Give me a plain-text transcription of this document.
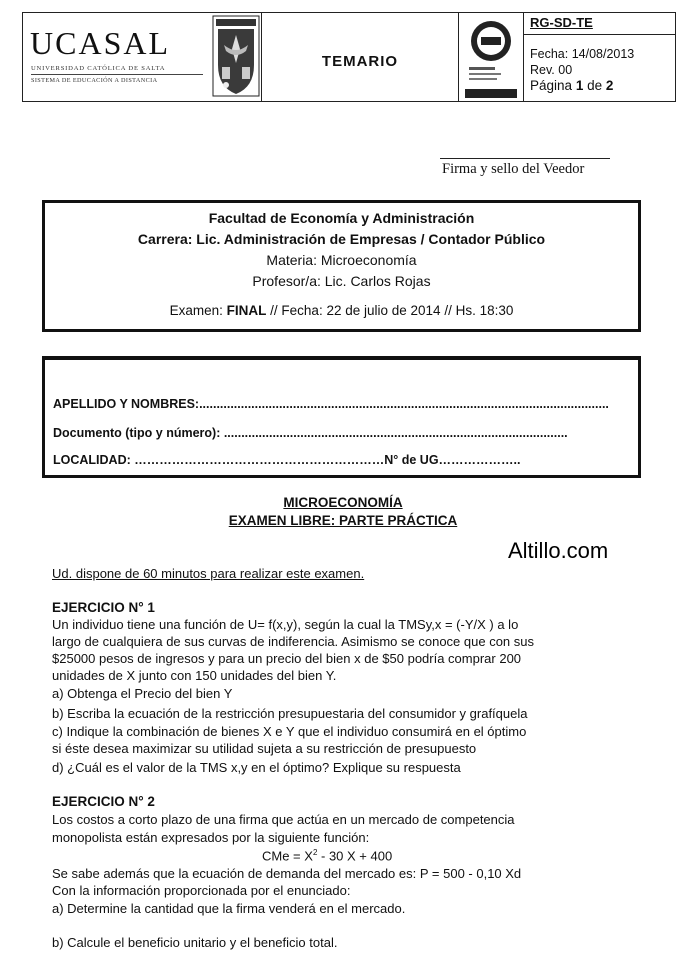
UCASAL
UNIVERSIDAD CATÓLICA DE SALTA
SISTEMA DE EDUCACIÓN A DISTANCIA
TEMARIO
RG-SD-TE
Fecha: 14/08/2013
Rev. 00
Página 1 de 2
Firma y sello del Veedor
Facultad de Economía y Administración
Carrera: Lic. Administración de Empresas / Contador Público
Materia: Microeconomía
Profesor/a: Lic. Carlos Rojas
Examen: FINAL // Fecha: 22 de julio de 2014 // Hs. 18:30
APELLIDO Y NOMBRES:......................................................................................................................
Documento (tipo y número): ...................................................................................................
LOCALIDAD: ……………………………………………………N° de UG………………..
MICROECONOMÍA
EXAMEN LIBRE: PARTE PRÁCTICA
Altillo.com
Ud. dispone de 60 minutos para realizar este examen.
EJERCICIO N° 1
Un individuo tiene una función de U= f(x,y), según la cual la TMSy,x = (-Y/X ) a lo
largo de cualquiera de sus curvas de indiferencia. Asimismo se conoce que con sus
$25000 pesos de ingresos y para un precio del bien x de $50 podría comprar 200
unidades de X junto con 150 unidades del bien Y.
a) Obtenga el Precio del bien Y
b) Escriba la ecuación de la restricción presupuestaria del consumidor y grafíquela
c) Indique la combinación de bienes X e Y que el individuo consumirá en el óptimo
si éste desea maximizar su utilidad sujeta a su restricción de presupuesto
d) ¿Cuál es el valor de la TMS x,y en el óptimo? Explique su respuesta
EJERCICIO N° 2
Los costos a corto plazo de una firma que actúa en un mercado de competencia
monopolista están expresados por la siguiente función:
CMe = $X^2 - 30$ X + 400
Se sabe además que la ecuación de demanda del mercado es: P = 500 - 0,10 Xd
Con la información proporcionada por el enunciado:
a) Determine la cantidad que la firma venderá en el mercado.
b) Calcule el beneficio unitario y el beneficio total.
